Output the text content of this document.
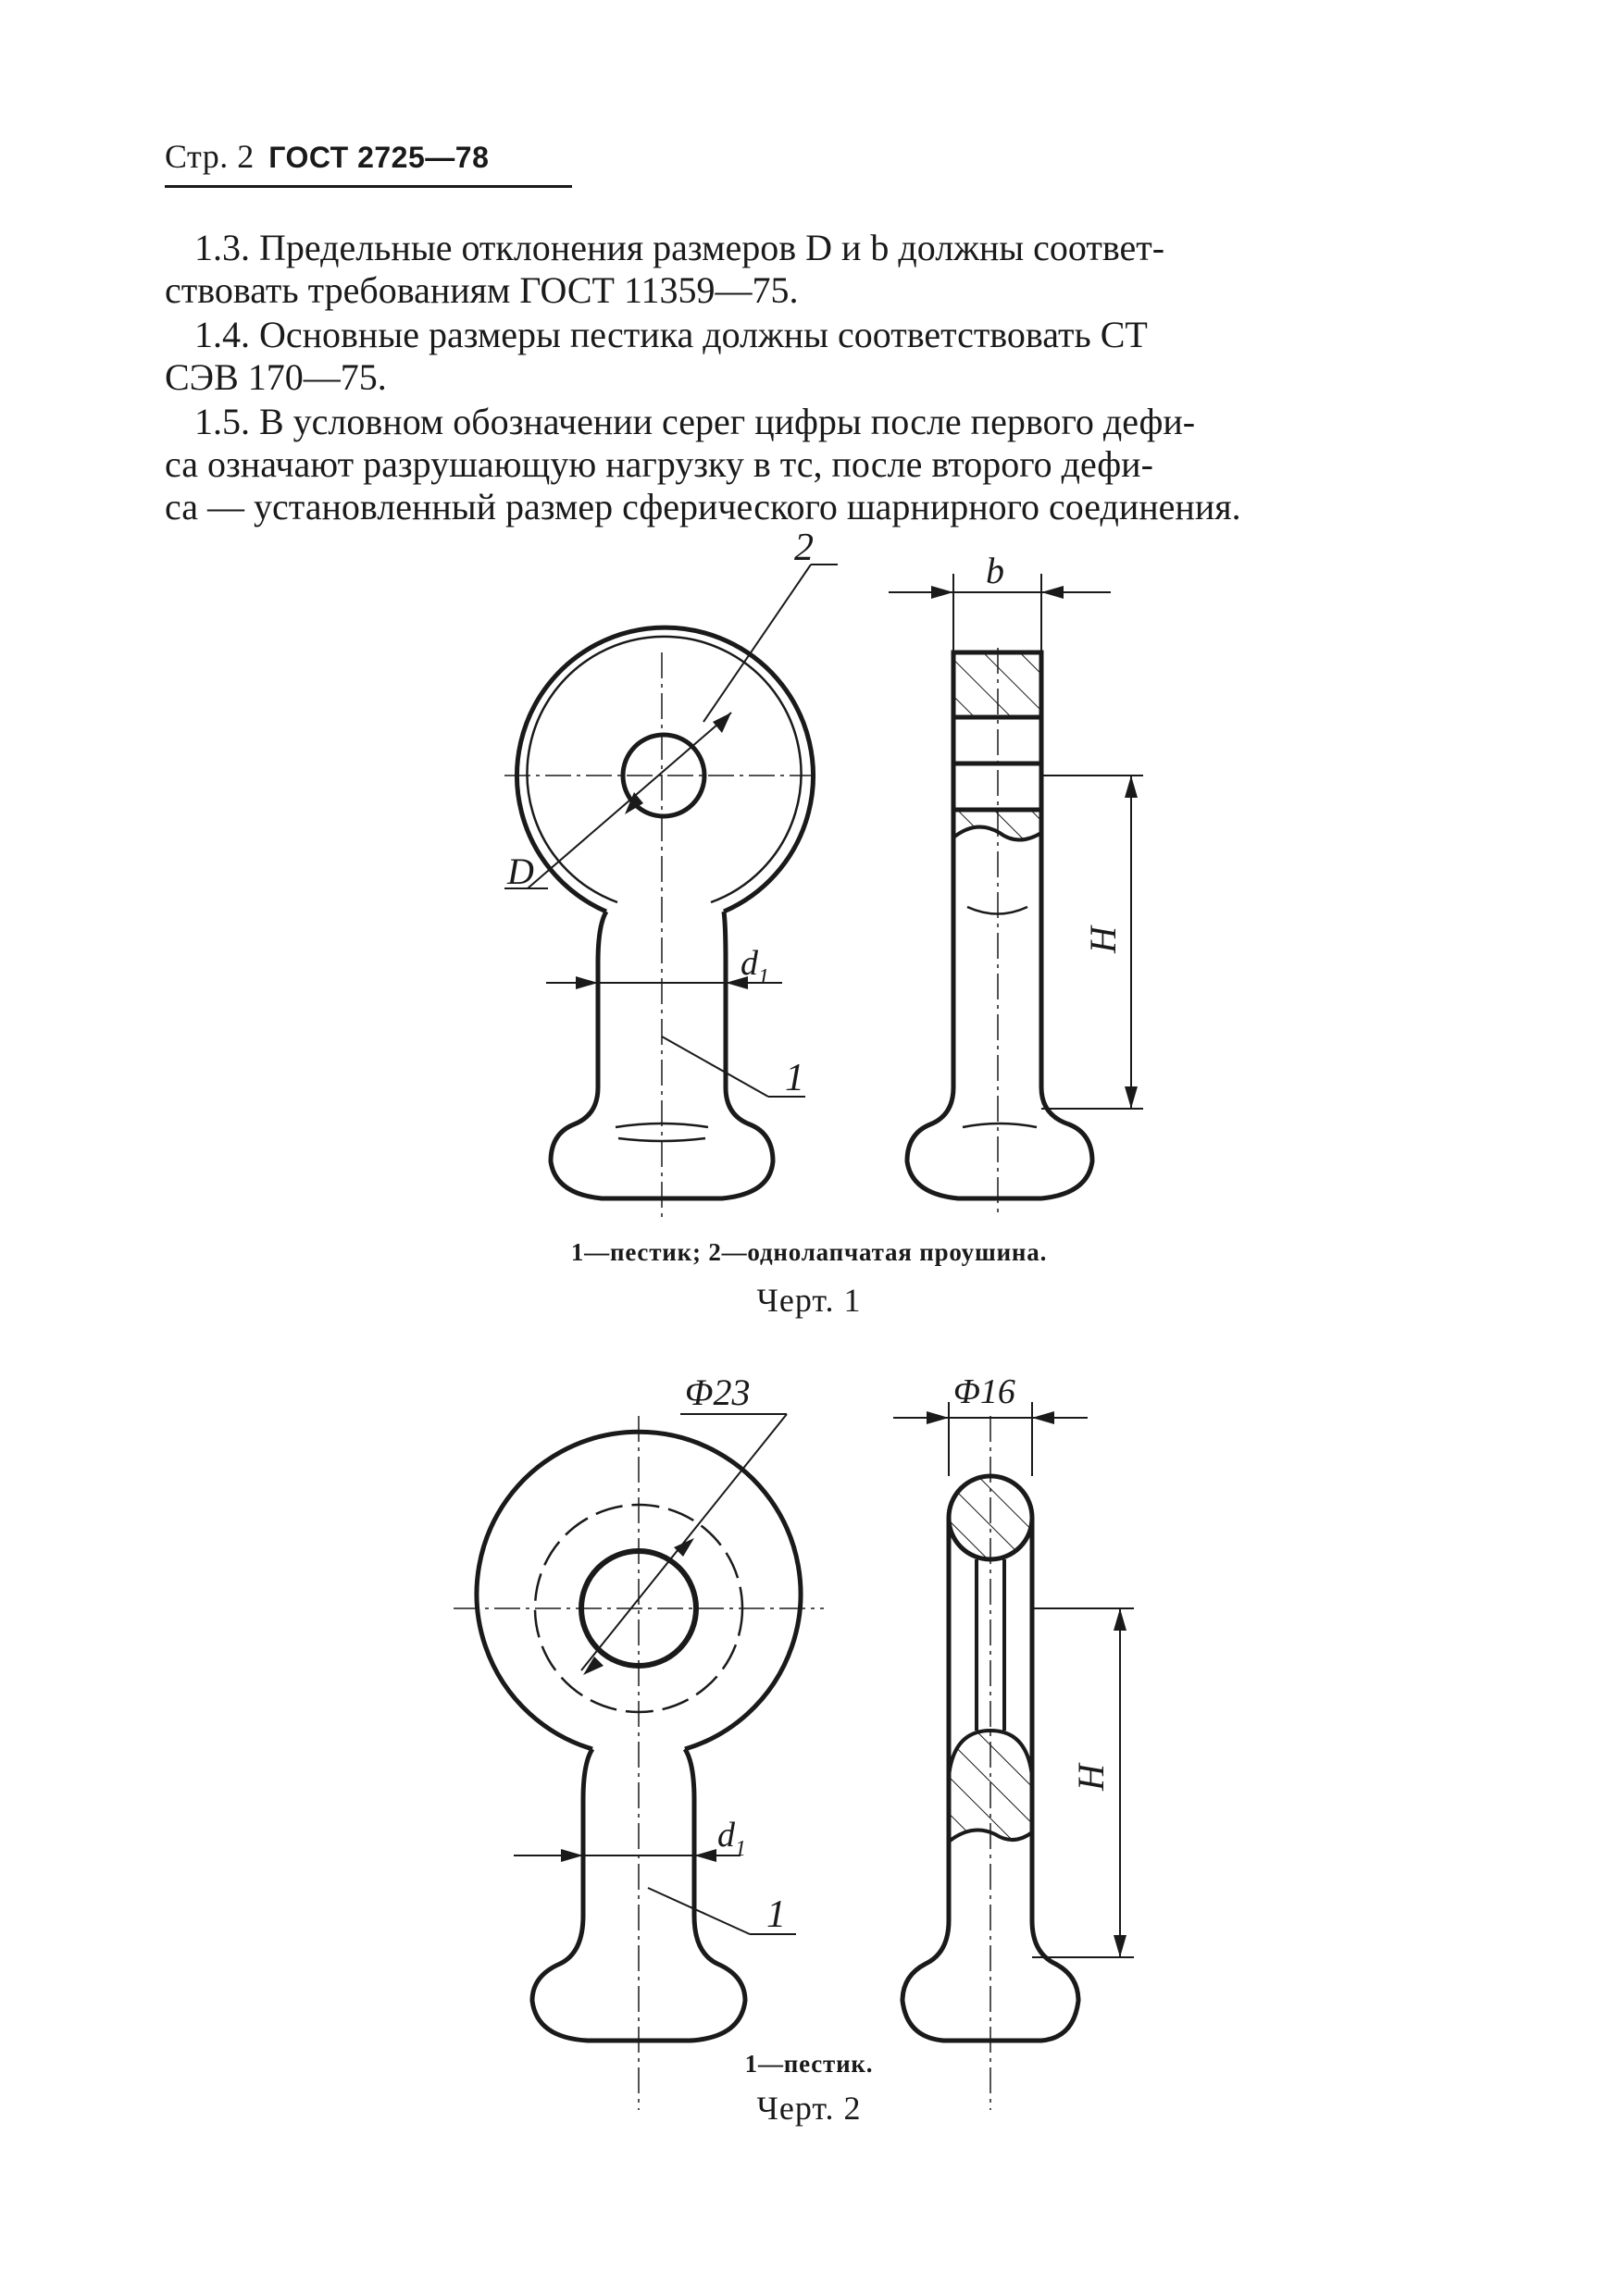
Стр. 2 ГОСТ 2725—78
1.3. Предельные отклонения размеров D и b должны соответ-
ствовать требованиям ГОСТ 11359—75.
1.4. Основные размеры пестика должны соответствовать СТ
СЭВ 170—75.
1.5. В условном обозначении серег цифры после первого дефи-
са означают разрушающую нагрузку в тс, после второго дефи-
са — установленный размер сферического шарнирного соединения.
2
D
$d_1$
1
b
H
1—пестик; 2—однолапчатая проушина.
Черт. 1
Φ23	Φ16
$d_1$
1
H
1—пестик.
Черт. 2
